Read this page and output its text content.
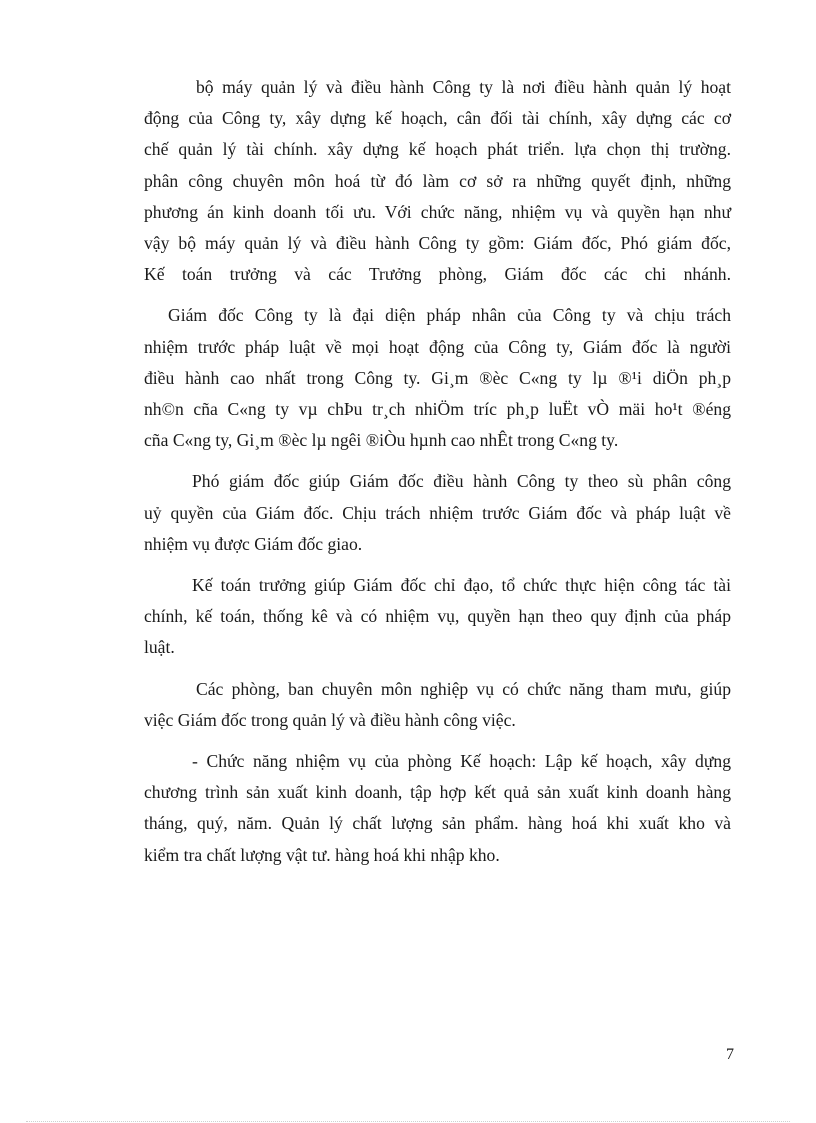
bộ máy quản lý và điều hành Công ty là nơi điều hành quản lý hoạt
động của Công ty, xây dựng kế hoạch, cân đối tài chính, xây dựng các cơ
chế quản lý tài chính. xây dựng kế hoạch phát triển. lựa chọn thị trường.
phân công chuyên môn hoá từ đó làm cơ sở ra những quyết định, những
phương án kinh doanh tối ưu. Với chức năng, nhiệm vụ và quyền hạn như
vậy bộ máy quản lý và điều hành Công ty gồm: Giám đốc, Phó giám đốc,
Kế toán trưởng và các Trưởng phòng, Giám đốc các chi nhánh.
Giám đốc Công ty là đại diện pháp nhân của Công ty và chịu trách
nhiệm trước pháp luật về mọi hoạt động của Công ty, Giám đốc là người
điều hành cao nhất trong Công ty. Gi¸m ®èc C«ng ty lµ ®¹i diÖn ph¸p
nh©n cña C«ng ty vµ chÞu tr¸ch nhiÖm tríc ph¸p luËt vÒ mäi ho¹t ®éng
cña C«ng ty, Gi¸m ®èc lµ ngêi ®iÒu hµnh cao nhÊt trong C«ng ty.
Phó giám đốc giúp Giám đốc điều hành Công ty theo sù phân công
uỷ quyền của Giám đốc. Chịu trách nhiệm trước Giám đốc và pháp luật về
nhiệm vụ được Giám đốc giao.
Kế toán trưởng giúp Giám đốc chỉ đạo, tổ chức thực hiện công tác tài
chính, kế toán, thống kê và có nhiệm vụ, quyền hạn theo quy định của pháp
luật.
Các phòng, ban chuyên môn nghiệp vụ có chức năng tham mưu, giúp
việc Giám đốc trong quản lý và điều hành công việc.
- Chức năng nhiệm vụ của phòng Kế hoạch: Lập kế hoạch, xây dựng
chương trình sản xuất kinh doanh, tập hợp kết quả sản xuất kinh doanh hàng
tháng, quý, năm. Quản lý chất lượng sản phẩm. hàng hoá khi xuất kho và
kiểm tra chất lượng vật tư. hàng hoá khi nhập kho.
7
